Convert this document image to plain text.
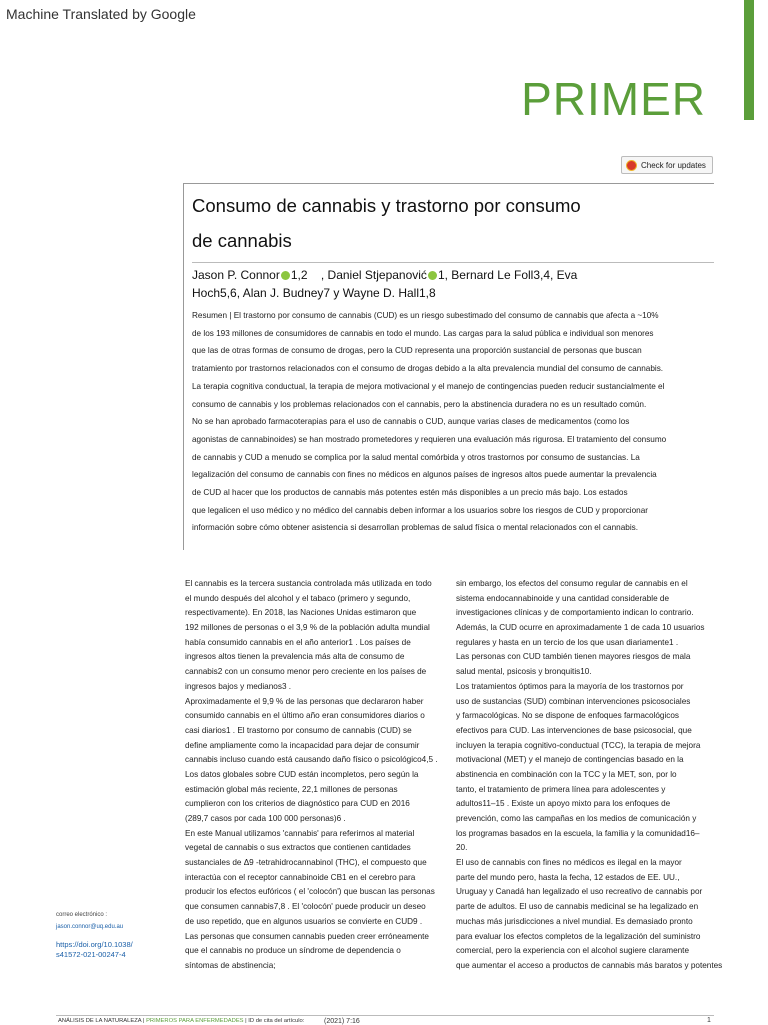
Machine Translated by Google
PRIMER
Check for updates
Consumo de cannabis y trastorno por consumo
de cannabis
Jason P. Connor 1,2 , Daniel Stjepanović 1, Bernard Le Foll3,4, Eva
Hoch5,6, Alan J. Budney7 y Wayne D. Hall1,8
Resumen | El trastorno por consumo de cannabis (CUD) es un riesgo subestimado del consumo de cannabis que afecta a ~10%
de los 193 millones de consumidores de cannabis en todo el mundo. Las cargas para la salud pública e individual son menores
que las de otras formas de consumo de drogas, pero la CUD representa una proporción sustancial de personas que buscan
tratamiento por trastornos relacionados con el consumo de drogas debido a la alta prevalencia mundial del consumo de cannabis.
La terapia cognitiva conductual, la terapia de mejora motivacional y el manejo de contingencias pueden reducir sustancialmente el
consumo de cannabis y los problemas relacionados con el cannabis, pero la abstinencia duradera no es un resultado común.
No se han aprobado farmacoterapias para el uso de cannabis o CUD, aunque varias clases de medicamentos (como los
agonistas de cannabinoides) se han mostrado prometedores y requieren una evaluación más rigurosa. El tratamiento del consumo
de cannabis y CUD a menudo se complica por la salud mental comórbida y otros trastornos por consumo de sustancias. La
legalización del consumo de cannabis con fines no médicos en algunos países de ingresos altos puede aumentar la prevalencia
de CUD al hacer que los productos de cannabis más potentes estén más disponibles a un precio más bajo. Los estados
que legalicen el uso médico y no médico del cannabis deben informar a los usuarios sobre los riesgos de CUD y proporcionar
información sobre cómo obtener asistencia si desarrollan problemas de salud física o mental relacionados con el cannabis.
El cannabis es la tercera sustancia controlada más utilizada en todo
el mundo después del alcohol y el tabaco (primero y segundo,
respectivamente). En 2018, las Naciones Unidas estimaron que
192 millones de personas o el 3,9 % de la población adulta mundial
había consumido cannabis en el año anterior1 . Los países de
ingresos altos tienen la prevalencia más alta de consumo de
cannabis2 con un consumo menor pero creciente en los países de
ingresos bajos y medianos3 .
Aproximadamente el 9,9 % de las personas que declararon haber
consumido cannabis en el último año eran consumidores diarios o
casi diarios1 . El trastorno por consumo de cannabis (CUD) se
define ampliamente como la incapacidad para dejar de consumir
cannabis incluso cuando está causando daño físico o psicológico4,5 .
Los datos globales sobre CUD están incompletos, pero según la
estimación global más reciente, 22,1 millones de personas
cumplieron con los criterios de diagnóstico para CUD en 2016
(289,7 casos por cada 100 000 personas)6 .
En este Manual utilizamos 'cannabis' para referirnos al material
vegetal de cannabis o sus extractos que contienen cantidades
sustanciales de Δ9 -tetrahidrocannabinol (THC), el compuesto que
interactúa con el receptor cannabinoide CB1 en el cerebro para
producir los efectos eufóricos ( el 'colocón') que buscan las personas
que consumen cannabis7,8 . El 'colocón' puede producir un deseo
de uso repetido, que en algunos usuarios se convierte en CUD9 .
Las personas que consumen cannabis pueden creer erróneamente
que el cannabis no produce un síndrome de dependencia o
síntomas de abstinencia;
sin embargo, los efectos del consumo regular de cannabis en el
sistema endocannabinoide y una cantidad considerable de
investigaciones clínicas y de comportamiento indican lo contrario.
Además, la CUD ocurre en aproximadamente 1 de cada 10 usuarios
regulares y hasta en un tercio de los que usan diariamente1 .
Las personas con CUD también tienen mayores riesgos de mala
salud mental, psicosis y bronquitis10.
Los tratamientos óptimos para la mayoría de los trastornos por
uso de sustancias (SUD) combinan intervenciones psicosociales
y farmacológicas. No se dispone de enfoques farmacológicos
efectivos para CUD. Las intervenciones de base psicosocial, que
incluyen la terapia cognitivo-conductual (TCC), la terapia de mejora
motivacional (MET) y el manejo de contingencias basado en la
abstinencia en combinación con la TCC y la MET, son, por lo
tanto, el tratamiento de primera línea para adolescentes y
adultos11–15 . Existe un apoyo mixto para los enfoques de
prevención, como las campañas en los medios de comunicación y
los programas basados en la escuela, la familia y la comunidad16–
20.
El uso de cannabis con fines no médicos es ilegal en la mayor
parte del mundo pero, hasta la fecha, 12 estados de EE. UU.,
Uruguay y Canadá han legalizado el uso recreativo de cannabis por
parte de adultos. El uso de cannabis medicinal se ha legalizado en
muchas más jurisdicciones a nivel mundial. Es demasiado pronto
para evaluar los efectos completos de la legalización del suministro
comercial, pero la experiencia con el alcohol sugiere claramente
que aumentar el acceso a productos de cannabis más baratos y potentes
correo electrónico :
jason.connor@uq.edu.au
https://doi.org/10.1038/
s41572-021-00247-4
ANÁLISIS DE LA NATURALEZA | PRIMEROS PARA ENFERMEDADES | ID de cita del artículo:	(2021) 7:16	1
